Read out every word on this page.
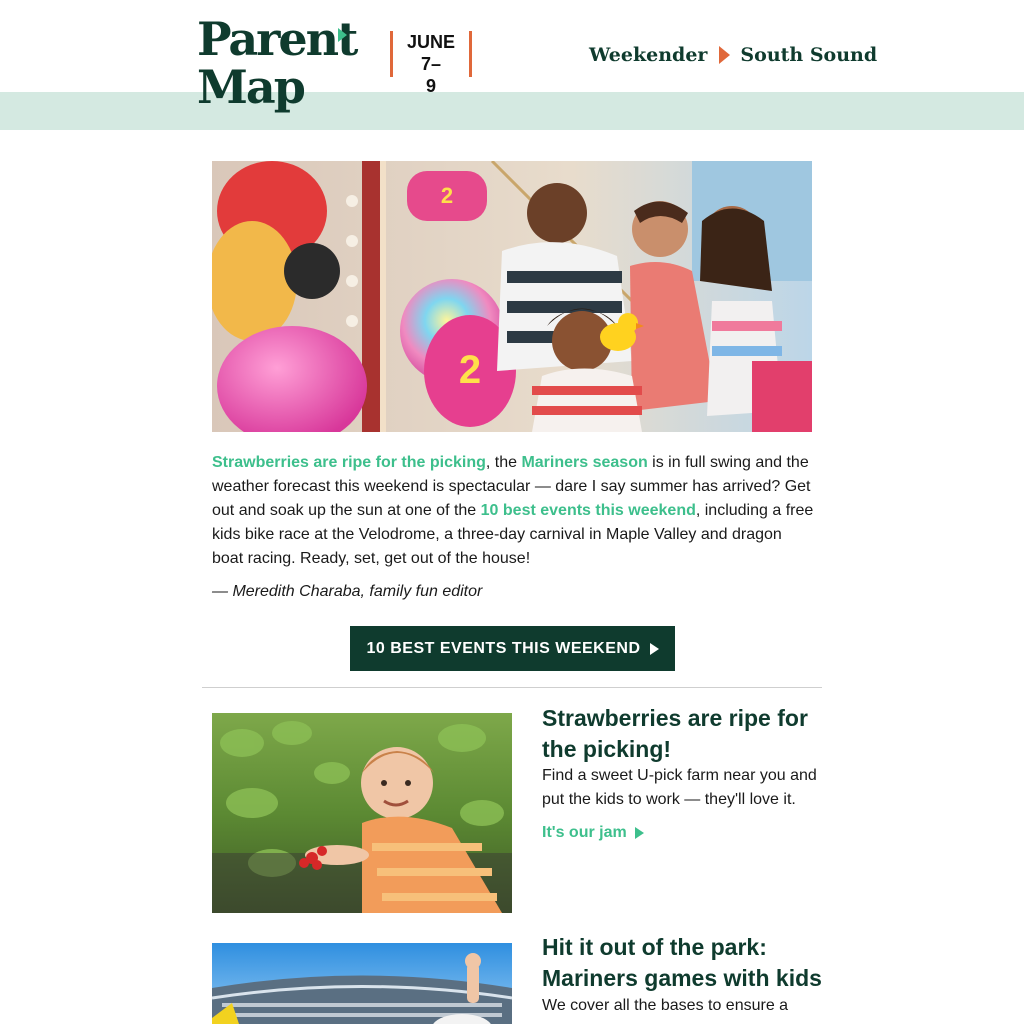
Parent
Map
JUNE 7–
9
Weekender South Sound
2
2
Strawberries are ripe for the picking, the Mariners season is in full swing and the weather forecast this weekend is spectacular — dare I say summer has arrived? Get out and soak up the sun at one of the 10 best events this weekend, including a free kids bike race at the Velodrome, a three-day carnival in Maple Valley and dragon boat racing. Ready, set, get out of the house!
— Meredith Charaba, family fun editor
10 BEST EVENTS THIS WEEKEND
Strawberries are ripe for the picking!
Find a sweet U-pick farm near you and put the kids to work — they'll love it.
It's our jam
Hit it out of the park: Mariners games with kids
We cover all the bases to ensure a
